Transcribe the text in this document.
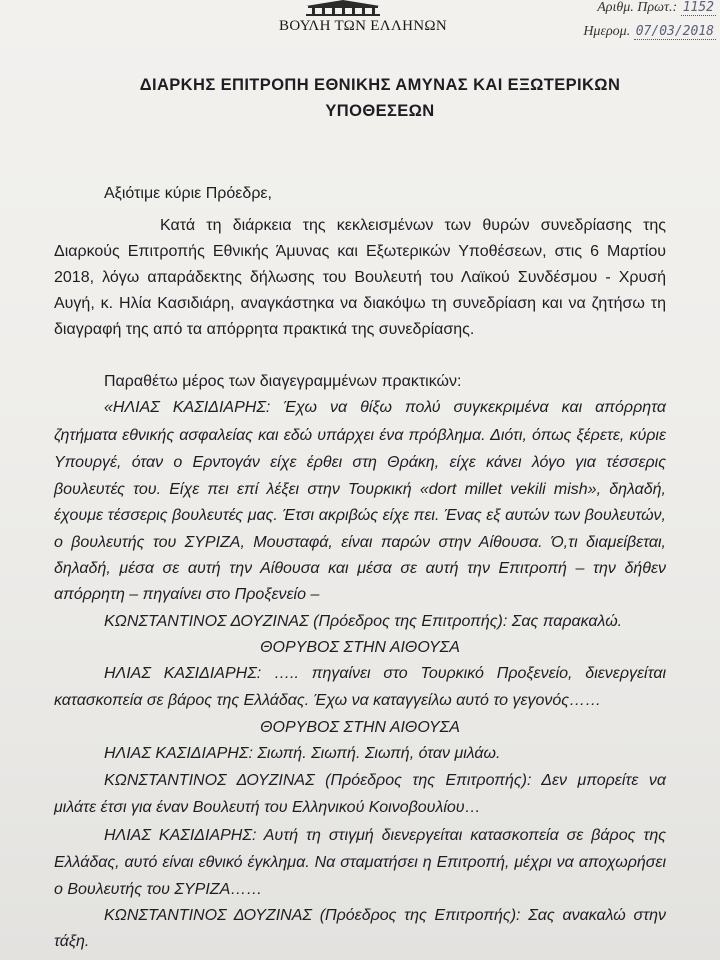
ΒΟΥΛΗ ΤΩΝ ΕΛΛΗΝΩΝ
Αριθμ. Πρωτ.: 1152
Ημερομ. 07/03/2018
ΔΙΑΡΚΗΣ ΕΠΙΤΡΟΠΗ ΕΘΝΙΚΗΣ ΑΜΥΝΑΣ ΚΑΙ ΕΞΩΤΕΡΙΚΩΝ
ΥΠΟΘΕΣΕΩΝ
Αξιότιμε κύριε Πρόεδρε,
Κατά τη διάρκεια της κεκλεισμένων των θυρών συνεδρίασης της
Διαρκούς Επιτροπής Εθνικής Άμυνας και Εξωτερικών Υποθέσεων, στις 6 Μαρτίου
2018, λόγω απαράδεκτης δήλωσης του Βουλευτή του Λαϊκού Συνδέσμου - Χρυσή
Αυγή, κ. Ηλία Κασιδιάρη, αναγκάστηκα να διακόψω τη συνεδρίαση και να ζητήσω τη
διαγραφή της από τα απόρρητα πρακτικά της συνεδρίασης.
Παραθέτω μέρος των διαγεγραμμένων πρακτικών:
«ΗΛΙΑΣ ΚΑΣΙΔΙΑΡΗΣ: Έχω να θίξω πολύ συγκεκριμένα και απόρρητα
ζητήματα εθνικής ασφαλείας και εδώ υπάρχει ένα πρόβλημα. Διότι, όπως ξέρετε, κύριε
Υπουργέ, όταν ο Ερντογάν είχε έρθει στη Θράκη, είχε κάνει λόγο για τέσσερις
βουλευτές του. Είχε πει επί λέξει στην Τουρκική «dort millet vekili mish», δηλαδή,
έχουμε τέσσερις βουλευτές μας. Έτσι ακριβώς είχε πει. Ένας εξ αυτών των βουλευτών,
ο βουλευτής του ΣΥΡΙΖΑ, Μουσταφά, είναι παρών στην Αίθουσα. Ό,τι διαμείβεται,
δηλαδή, μέσα σε αυτή την Αίθουσα και μέσα σε αυτή την Επιτροπή – την δήθεν
απόρρητη – πηγαίνει στο Προξενείο –
ΚΩΝΣΤΑΝΤΙΝΟΣ ΔΟΥΖΙΝΑΣ (Πρόεδρος της Επιτροπής): Σας παρακαλώ.
ΘΟΡΥΒΟΣ ΣΤΗΝ ΑΙΘΟΥΣΑ
ΗΛΙΑΣ ΚΑΣΙΔΙΑΡΗΣ: ….. πηγαίνει στο Τουρκικό Προξενείο, διενεργείται
κατασκοπεία σε βάρος της Ελλάδας. Έχω να καταγγείλω αυτό το γεγονός……
ΘΟΡΥΒΟΣ ΣΤΗΝ ΑΙΘΟΥΣΑ
ΗΛΙΑΣ ΚΑΣΙΔΙΑΡΗΣ: Σιωπή. Σιωπή. Σιωπή, όταν μιλάω.
ΚΩΝΣΤΑΝΤΙΝΟΣ ΔΟΥΖΙΝΑΣ (Πρόεδρος της Επιτροπής): Δεν μπορείτε να
μιλάτε έτσι για έναν Βουλευτή του Ελληνικού Κοινοβουλίου…
ΗΛΙΑΣ ΚΑΣΙΔΙΑΡΗΣ: Αυτή τη στιγμή διενεργείται κατασκοπεία σε βάρος της
Ελλάδας, αυτό είναι εθνικό έγκλημα. Να σταματήσει η Επιτροπή, μέχρι να αποχωρήσει
ο Βουλευτής του ΣΥΡΙΖΑ……
ΚΩΝΣΤΑΝΤΙΝΟΣ ΔΟΥΖΙΝΑΣ (Πρόεδρος της Επιτροπής): Σας ανακαλώ στην
τάξη.
